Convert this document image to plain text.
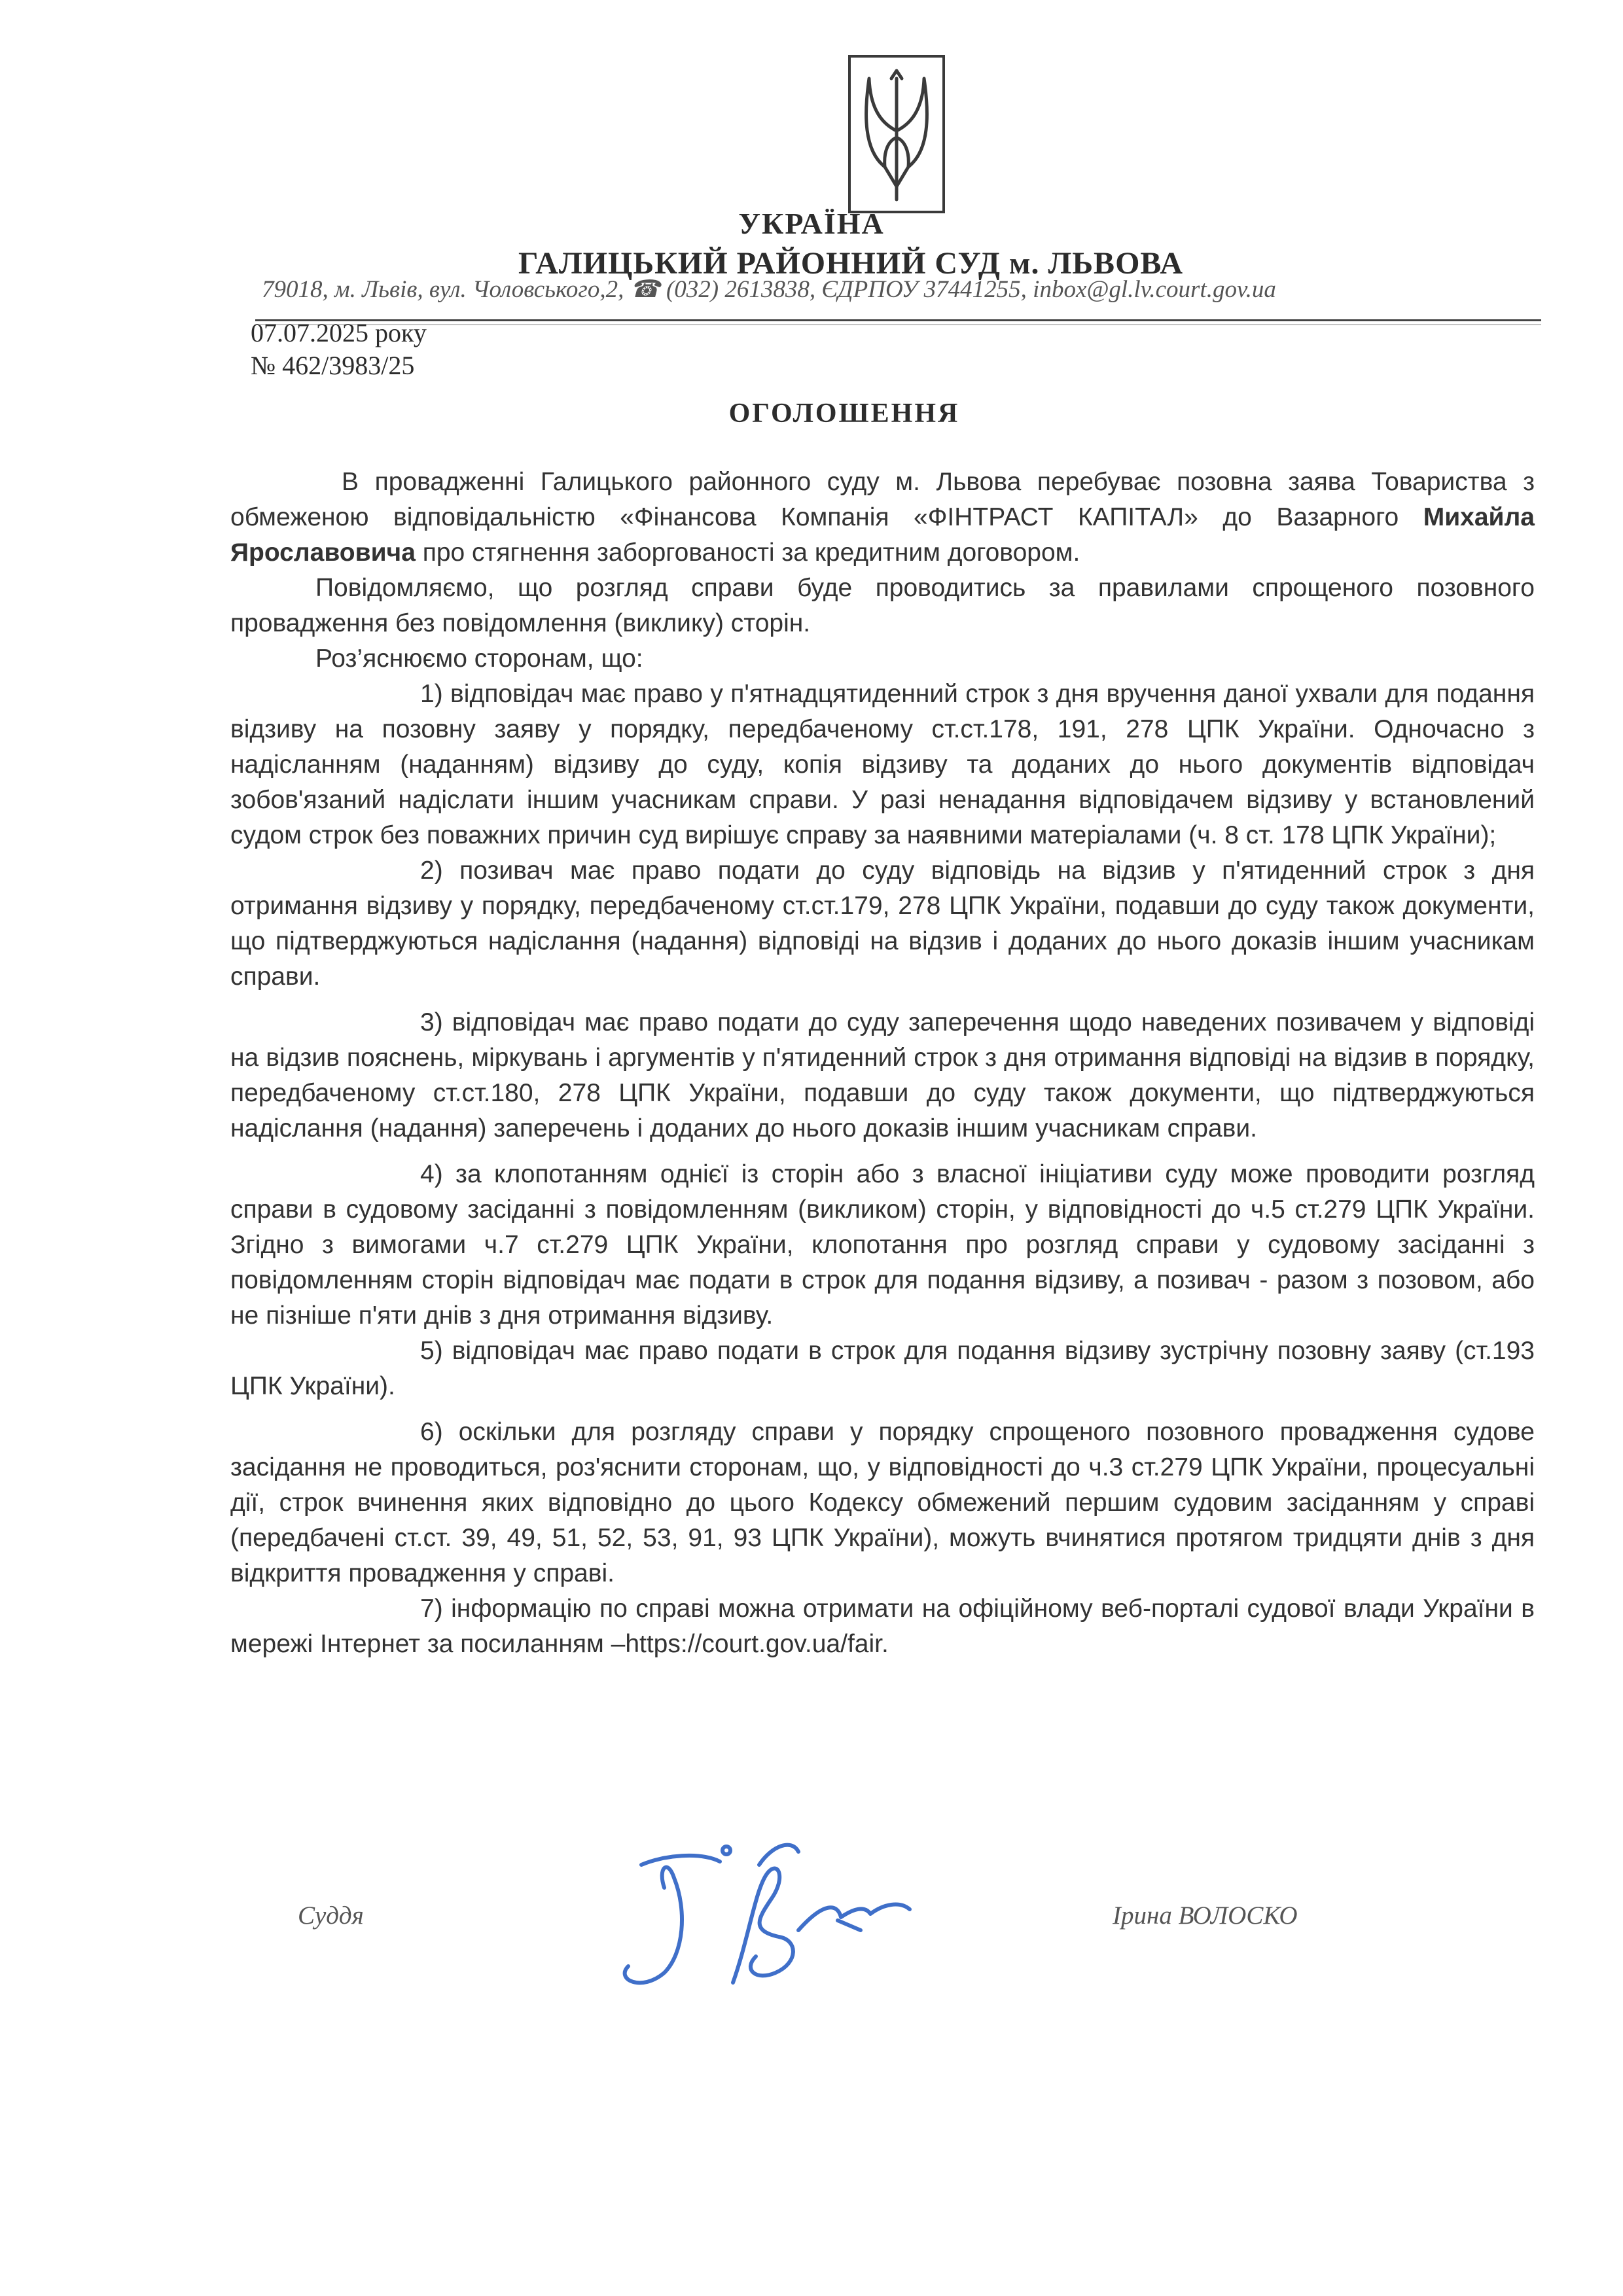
УКРАЇНА
ГАЛИЦЬКИЙ РАЙОННИЙ СУД м. ЛЬВОВА
79018, м. Львів, вул. Чоловського,2, ☎ (032) 2613838, ЄДРПОУ 37441255, inbox@gl.lv.court.gov.ua
07.07.2025 року
№ 462/3983/25
ОГОЛОШЕННЯ

В провадженні Галицького районного суду м. Львова перебуває позовна заява Товариства з обмеженою відповідальністю «Фінансова Компанія «ФІНТРАСТ КАПІТАЛ» до Вазарного Михайла Ярославовича про стягнення заборгованості за кредитним договором.

Повідомляємо, що розгляд справи буде проводитись за правилами спрощеного позовного провадження без повідомлення (виклику) сторін.

Роз’яснюємо сторонам, що:

1) відповідач має право у п'ятнадцятиденний строк з дня вручення даної ухвали для подання відзиву на позовну заяву у порядку, передбаченому ст.ст.178, 191, 278 ЦПК України. Одночасно з надісланням (наданням) відзиву до суду, копія відзиву та доданих до нього документів відповідач зобов'язаний надіслати іншим учасникам справи. У разі ненадання відповідачем відзиву у встановлений судом строк без поважних причин суд вирішує справу за наявними матеріалами (ч. 8 ст. 178 ЦПК України);

2) позивач має право подати до суду відповідь на відзив у п'ятиденний строк з дня отримання відзиву у порядку, передбаченому ст.ст.179, 278 ЦПК України, подавши до суду також документи, що підтверджуються надіслання (надання) відповіді на відзив і доданих до нього доказів іншим учасникам справи.

3) відповідач має право подати до суду заперечення щодо наведених позивачем у відповіді на відзив пояснень, міркувань і аргументів у п'ятиденний строк з дня отримання відповіді на відзив в порядку, передбаченому ст.ст.180, 278 ЦПК України, подавши до суду також документи, що підтверджуються надіслання (надання) заперечень і доданих до нього доказів іншим учасникам справи.

4) за клопотанням однієї із сторін або з власної ініціативи суду може проводити розгляд справи в судовому засіданні з повідомленням (викликом) сторін, у відповідності до ч.5 ст.279 ЦПК України. Згідно з вимогами ч.7 ст.279 ЦПК України, клопотання про розгляд справи у судовому засіданні з повідомленням сторін відповідач має подати в строк для подання відзиву, а позивач - разом з позовом, або не пізніше п'яти днів з дня отримання відзиву.

5) відповідач має право подати в строк для подання відзиву зустрічну позовну заяву (ст.193 ЦПК України).

6) оскільки для розгляду справи у порядку спрощеного позовного провадження судове засідання не проводиться, роз'яснити сторонам, що, у відповідності до ч.3 ст.279 ЦПК України, процесуальні дії, строк вчинення яких відповідно до цього Кодексу обмежений першим судовим засіданням у справі (передбачені ст.ст. 39, 49, 51, 52, 53, 91, 93 ЦПК України), можуть вчинятися протягом тридцяти днів з дня відкриття провадження у справі.

7) інформацію по справі можна отримати на офіційному веб-порталі судової влади України в мережі Інтернет за посиланням –https://court.gov.ua/fair.

Суддя	Ірина ВОЛОСКО
